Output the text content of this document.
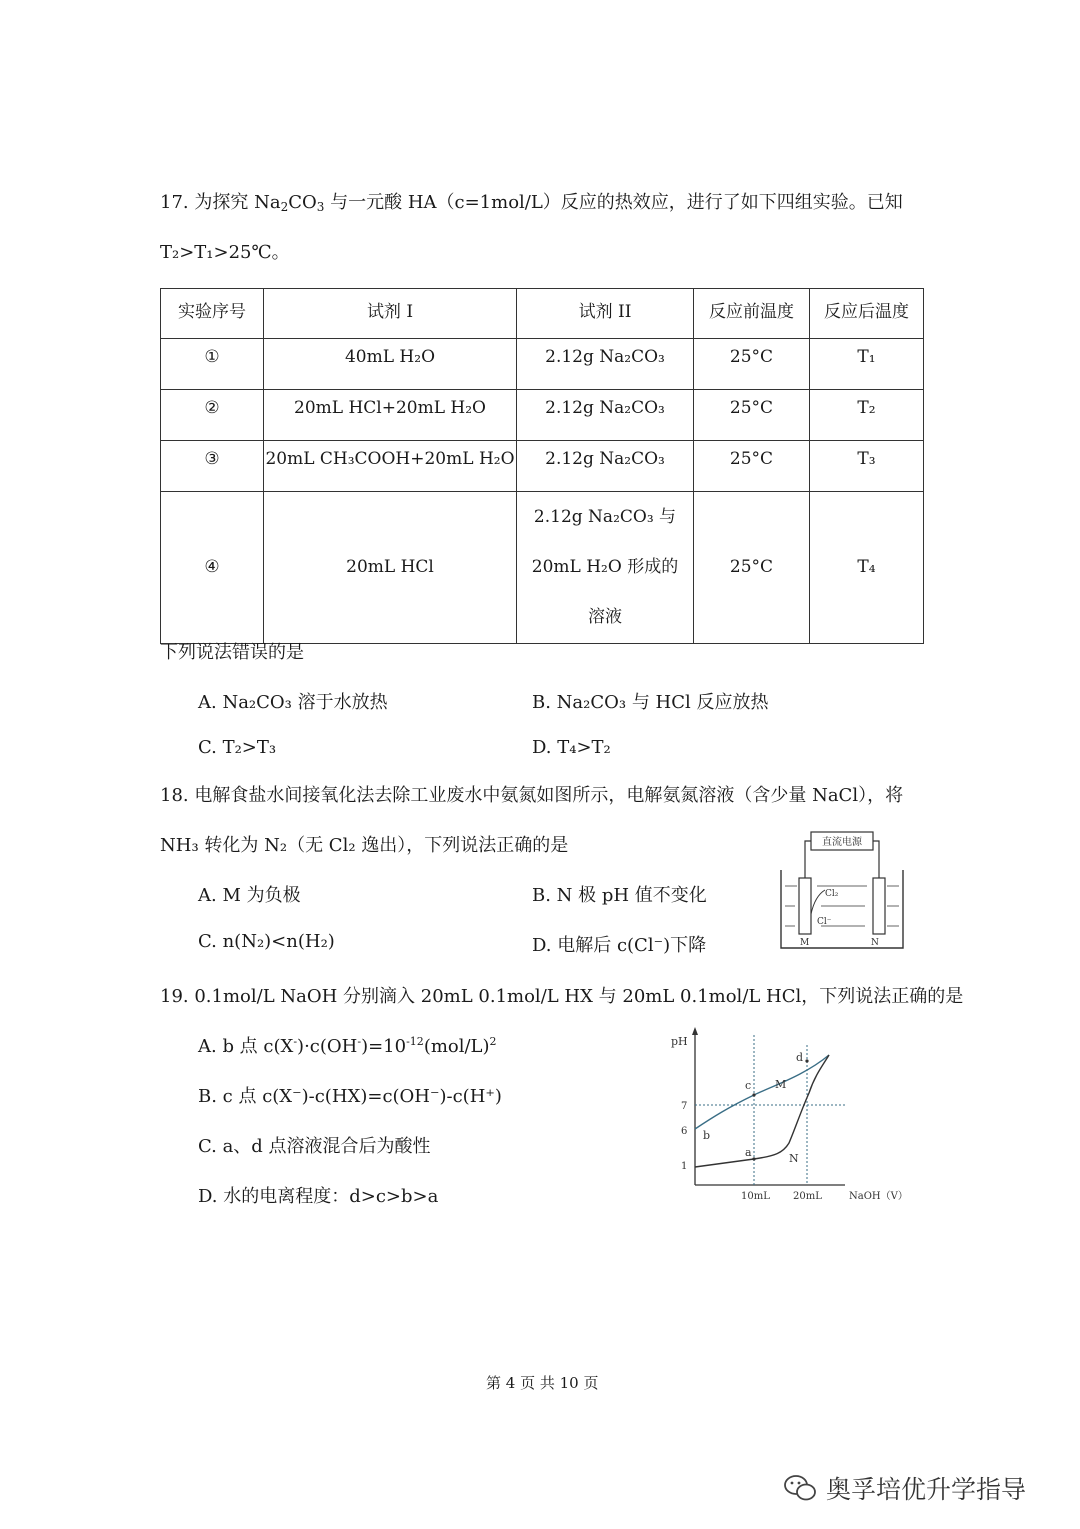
17. 为探究 $Na_2CO_3$ 与一元酸 HA（c=1mol/L）反应的热效应，进行了如下四组实验。已知
T₂>T₁>25℃。
实验序号	试剂 I	试剂 II	反应前温度	反应后温度
①	40mL H₂O	2.12g Na₂CO₃	25°C	T₁
②	20mL HCl+20mL H₂O	2.12g Na₂CO₃	25°C	T₂
③	20mL CH₃COOH+20mL H₂O	2.12g Na₂CO₃	25°C	T₃
④	20mL HCl	2.12g Na₂CO₃ 与
20mL H₂O 形成的
溶液	25°C	T₄
下列说法错误的是
A. Na₂CO₃ 溶于水放热	B. Na₂CO₃ 与 HCl 反应放热
C. T₂>T₃	D. T₄>T₂
18. 电解食盐水间接氧化法去除工业废水中氨氮如图所示，电解氨氮溶液（含少量 NaCl），将
NH₃ 转化为 N₂（无 Cl₂ 逸出），下列说法正确的是
A. M 为负极	B. N 极 pH 值不变化
C. n(N₂)<n(H₂)	D. 电解后 c(Cl⁻)下降
直流电源
Cl₂
Cl⁻
M	N
19. 0.1mol/L NaOH 分别滴入 20mL 0.1mol/L HX 与 20mL 0.1mol/L HCl，下列说法正确的是
A. b 点 $c(X^-)\cdot c(OH^-)=10^{-12}(mol/L)^2$
B. c 点 c(X⁻)-c(HX)=c(OH⁻)-c(H⁺)
C. a、d 点溶液混合后为酸性
D. 水的电离程度：d>c>b>a
pH
7
6
1
a
b
c
d
M
N
10mL 20mL	NaOH（V）
第 4 页 共 10 页
奥孚培优升学指导
